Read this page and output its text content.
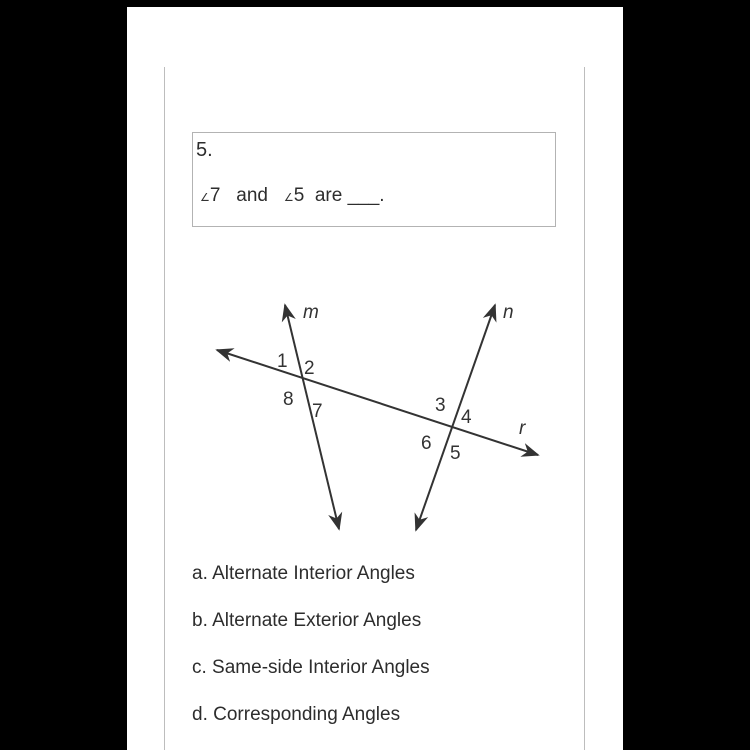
5.
∠7 and ∠5 are ___.
m	n
r
1 2
8
7	3
4
6 5
a. Alternate Interior Angles
b. Alternate Exterior Angles
c. Same-side Interior Angles
d. Corresponding Angles
